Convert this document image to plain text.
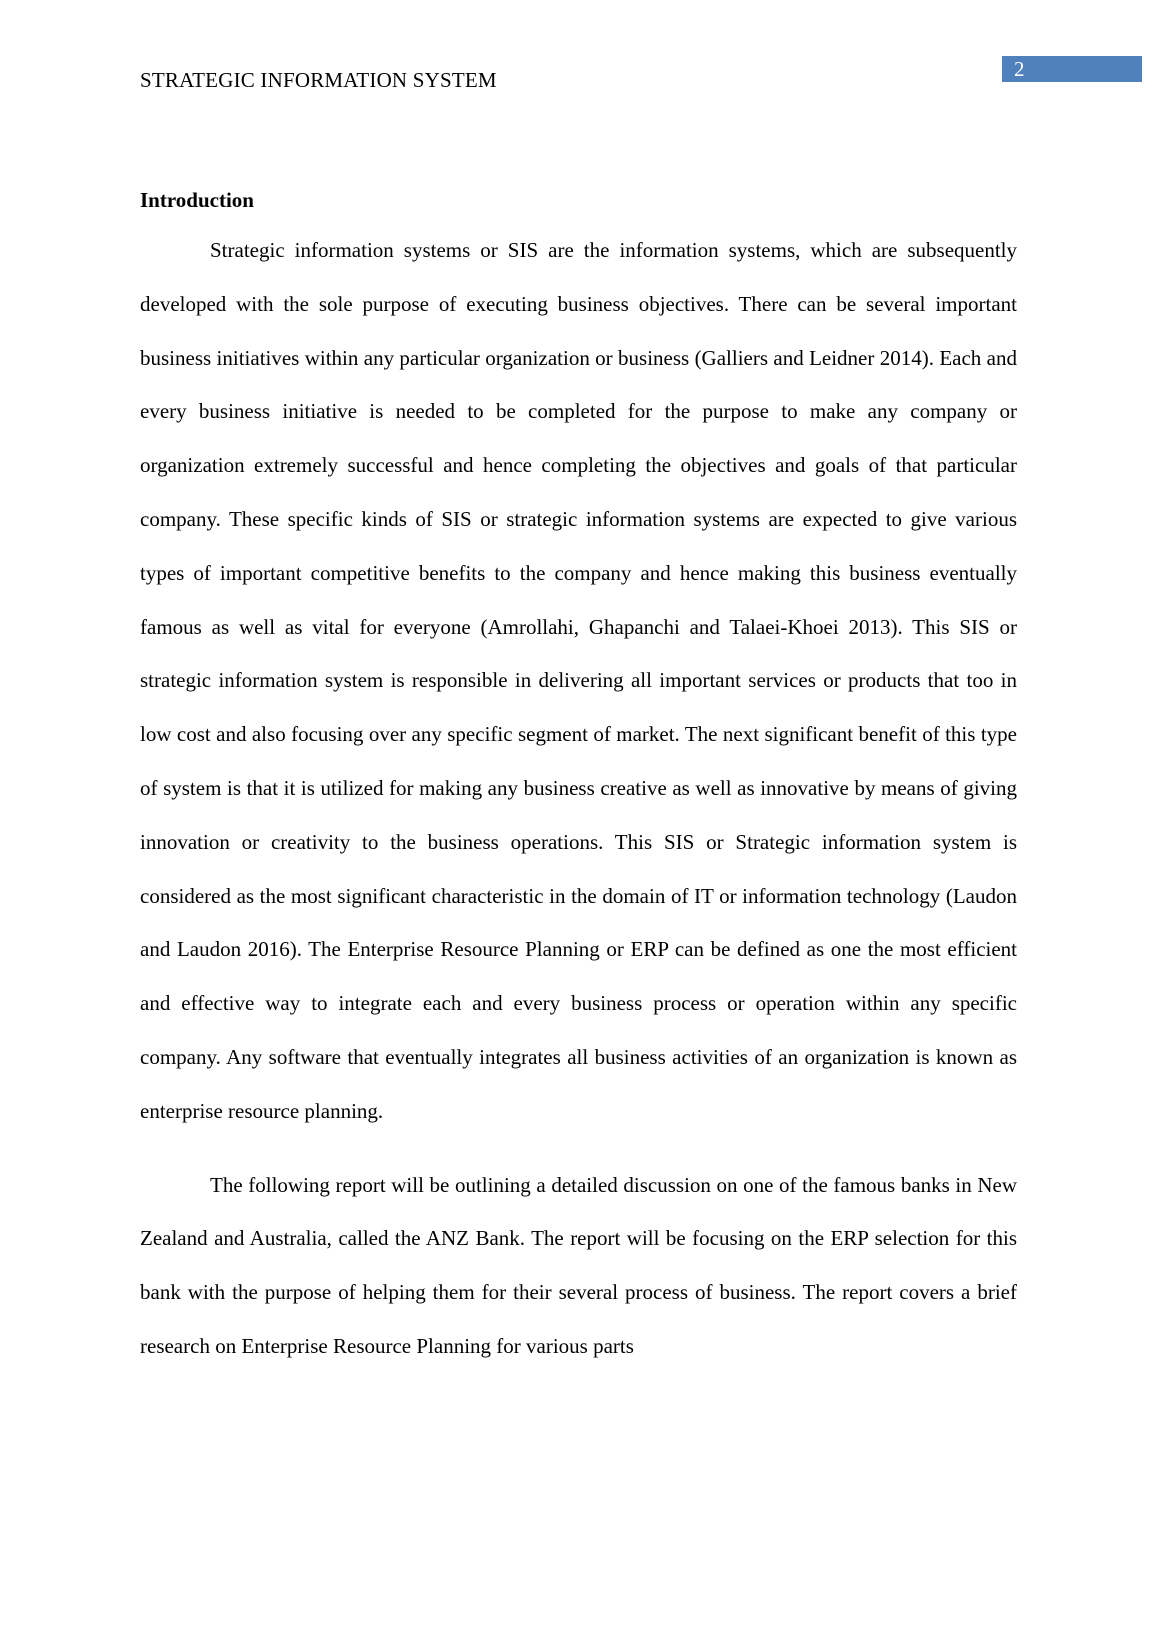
STRATEGIC INFORMATION SYSTEM	2

Introduction

Strategic information systems or SIS are the information systems, which are subsequently developed with the sole purpose of executing business objectives. There can be several important business initiatives within any particular organization or business (Galliers and Leidner 2014). Each and every business initiative is needed to be completed for the purpose to make any company or organization extremely successful and hence completing the objectives and goals of that particular company. These specific kinds of SIS or strategic information systems are expected to give various types of important competitive benefits to the company and hence making this business eventually famous as well as vital for everyone (Amrollahi, Ghapanchi and Talaei-Khoei 2013). This SIS or strategic information system is responsible in delivering all important services or products that too in low cost and also focusing over any specific segment of market. The next significant benefit of this type of system is that it is utilized for making any business creative as well as innovative by means of giving innovation or creativity to the business operations. This SIS or Strategic information system is considered as the most significant characteristic in the domain of IT or information technology (Laudon and Laudon 2016). The Enterprise Resource Planning or ERP can be defined as one the most efficient and effective way to integrate each and every business process or operation within any specific company. Any software that eventually integrates all business activities of an organization is known as enterprise resource planning.

The following report will be outlining a detailed discussion on one of the famous banks in New Zealand and Australia, called the ANZ Bank. The report will be focusing on the ERP selection for this bank with the purpose of helping them for their several process of business. The report covers a brief research on Enterprise Resource Planning for various parts
